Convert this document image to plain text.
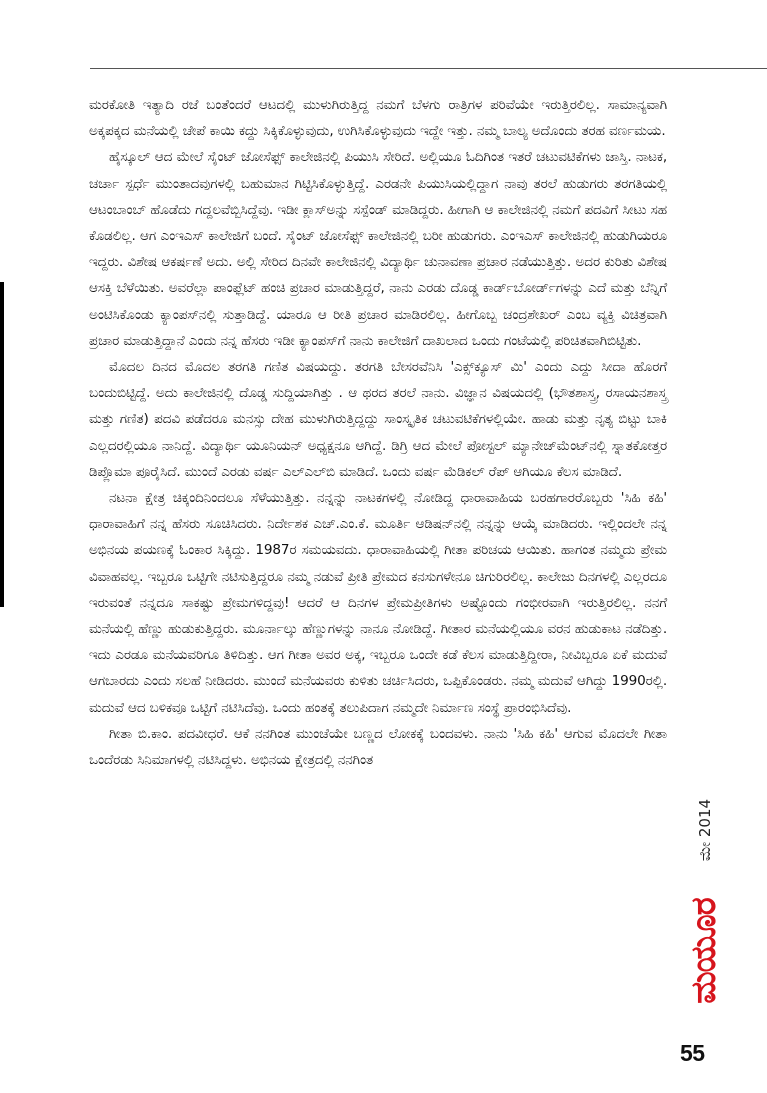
ಮರಕೋತಿ ಇತ್ಯಾದಿ ರಜೆ ಬಂತೆಂದರೆ ಆಟದಲ್ಲಿ ಮುಳುಗಿರುತ್ತಿದ್ದ ನಮಗೆ ಬೆಳಗು ರಾತ್ರಿಗಳ ಪರಿವೆಯೇ ಇರುತ್ತಿರಲಿಲ್ಲ. ಸಾಮಾನ್ಯವಾಗಿ ಅಕ್ಕಪಕ್ಕದ ಮನೆಯಲ್ಲಿ ಚೇಪೆ ಕಾಯಿ ಕದ್ದು ಸಿಕ್ಕಿಕೊಳ್ಳುವುದು, ಉಗಿಸಿಕೊಳ್ಳುವುದು ಇದ್ದೇ ಇತ್ತು. ನಮ್ಮ ಬಾಲ್ಯ ಅದೊಂದು ತರಹ ವರ್ಣಮಯ.

ಹೈಸ್ಕೂಲ್ ಆದ ಮೇಲೆ ಸೈಂಟ್ ಜೋಸೆಫ್ಸ್ ಕಾಲೇಜಿನಲ್ಲಿ ಪಿಯುಸಿ ಸೇರಿದೆ. ಅಲ್ಲಿಯೂ ಓದಿಗಿಂತ ಇತರೆ ಚಟುವಟಿಕೆಗಳು ಜಾಸ್ತಿ. ನಾಟಕ, ಚರ್ಚಾ ಸ್ಪರ್ಧೆ ಮುಂತಾದವುಗಳಲ್ಲಿ ಬಹುಮಾನ ಗಿಟ್ಟಿಸಿಕೊಳ್ಳುತ್ತಿದ್ದೆ. ಎರಡನೇ ಪಿಯುಸಿಯಲ್ಲಿದ್ದಾಗ ನಾವು ತರಲೆ ಹುಡುಗರು ತರಗತಿಯಲ್ಲಿ ಆಟಂಬಾಂಬ್ ಹೊಡೆದು ಗದ್ದಲವೆಬ್ಬಿಸಿದ್ದೆವು. ಇಡೀ ಕ್ಲಾಸ್‌ಅನ್ನು ಸಸ್ಪೆಂಡ್ ಮಾಡಿದ್ದರು. ಹೀಗಾಗಿ ಆ ಕಾಲೇಜಿನಲ್ಲಿ ನಮಗೆ ಪದವಿಗೆ ಸೀಟು ಸಹ ಕೊಡಲಿಲ್ಲ. ಆಗ ಎಂಇಎಸ್ ಕಾಲೇಜಿಗೆ ಬಂದೆ. ಸೈಂಟ್ ಜೋಸೆಫ್ಸ್ ಕಾಲೇಜಿನಲ್ಲಿ ಬರೀ ಹುಡುಗರು. ಎಂಇಎಸ್ ಕಾಲೇಜಿನಲ್ಲಿ ಹುಡುಗಿಯರೂ ಇದ್ದರು. ವಿಶೇಷ ಆಕರ್ಷಣೆ ಅದು. ಅಲ್ಲಿ ಸೇರಿದ ದಿನವೇ ಕಾಲೇಜಿನಲ್ಲಿ ವಿದ್ಯಾರ್ಥಿ ಚುನಾವಣಾ ಪ್ರಚಾರ ನಡೆಯುತ್ತಿತ್ತು. ಅದರ ಕುರಿತು ವಿಶೇಷ ಆಸಕ್ತಿ ಬೆಳೆಯಿತು. ಅವರೆಲ್ಲಾ ಪಾಂಫ್ಲೆಟ್ ಹಂಚಿ ಪ್ರಚಾರ ಮಾಡುತ್ತಿದ್ದರೆ, ನಾನು ಎರಡು ದೊಡ್ಡ ಕಾರ್ಡ್‌ಬೋರ್ಡ್‌ಗಳನ್ನು ಎದೆ ಮತ್ತು ಬೆನ್ನಿಗೆ ಅಂಟಿಸಿಕೊಂಡು ಕ್ಯಾಂಪಸ್‌ನಲ್ಲಿ ಸುತ್ತಾಡಿದ್ದೆ. ಯಾರೂ ಆ ರೀತಿ ಪ್ರಚಾರ ಮಾಡಿರಲಿಲ್ಲ. ಹೀಗೊಬ್ಬ ಚಂದ್ರಶೇಖರ್ ಎಂಬ ವ್ಯಕ್ತಿ ವಿಚಿತ್ರವಾಗಿ ಪ್ರಚಾರ ಮಾಡುತ್ತಿದ್ದಾನೆ ಎಂದು ನನ್ನ ಹೆಸರು ಇಡೀ ಕ್ಯಾಂಪಸ್‌ಗೆ ನಾನು ಕಾಲೇಜಿಗೆ ದಾಖಲಾದ ಒಂದು ಗಂಟೆಯಲ್ಲಿ ಪರಿಚಿತವಾಗಿಬಿಟ್ಟಿತು.

ಮೊದಲ ದಿನದ ಮೊದಲ ತರಗತಿ ಗಣಿತ ವಿಷಯದ್ದು. ತರಗತಿ ಬೇಸರವೆನಿಸಿ 'ಎಕ್ಸ್‌ಕ್ಯೂಸ್ ಮಿ' ಎಂದು ಎದ್ದು ಸೀದಾ ಹೊರಗೆ ಬಂದುಬಿಟ್ಟಿದ್ದೆ. ಅದು ಕಾಲೇಜಿನಲ್ಲಿ ದೊಡ್ಡ ಸುದ್ದಿಯಾಗಿತ್ತು . ಆ ಥರದ ತರಲೆ ನಾನು. ವಿಜ್ಞಾನ ವಿಷಯದಲ್ಲಿ (ಭೌತಶಾಸ್ತ್ರ, ರಸಾಯನಶಾಸ್ತ್ರ ಮತ್ತು ಗಣಿತ) ಪದವಿ ಪಡೆದರೂ ಮನಸ್ಸು ದೇಹ ಮುಳುಗಿರುತ್ತಿದ್ದದ್ದು ಸಾಂಸ್ಕೃತಿಕ ಚಟುವಟಿಕೆಗಳಲ್ಲಿಯೇ. ಹಾಡು ಮತ್ತು ನೃತ್ಯ ಬಿಟ್ಟು ಬಾಕಿ ಎಲ್ಲದರಲ್ಲಿಯೂ ನಾನಿದ್ದೆ. ವಿದ್ಯಾರ್ಥಿ ಯೂನಿಯನ್ ಅಧ್ಯಕ್ಷನೂ ಆಗಿದ್ದೆ. ಡಿಗ್ರಿ ಆದ ಮೇಲೆ ಪೋಸ್ಟಲ್ ಮ್ಯಾನೇಜ್‌ಮೆಂಟ್‌ನಲ್ಲಿ ಸ್ನಾತಕೋತ್ತರ ಡಿಪ್ಲೊಮಾ ಪೂರೈಸಿದೆ. ಮುಂದೆ ಎರಡು ವರ್ಷ ಎಲ್‌ಎಲ್‌ಬಿ ಮಾಡಿದೆ. ಒಂದು ವರ್ಷ ಮೆಡಿಕಲ್ ರೆಪ್ ಆಗಿಯೂ ಕೆಲಸ ಮಾಡಿದೆ.

ನಟನಾ ಕ್ಷೇತ್ರ ಚಿಕ್ಕಂದಿನಿಂದಲೂ ಸೆಳೆಯುತ್ತಿತ್ತು. ನನ್ನನ್ನು ನಾಟಕಗಳಲ್ಲಿ ನೋಡಿದ್ದ ಧಾರಾವಾಹಿಯ ಬರಹಗಾರರೊಬ್ಬರು 'ಸಿಹಿ ಕಹಿ' ಧಾರಾವಾಹಿಗೆ ನನ್ನ ಹೆಸರು ಸೂಚಿಸಿದರು. ನಿರ್ದೇಶಕ ಎಚ್.ಎಂ.ಕೆ. ಮೂರ್ತಿ ಆಡಿಷನ್‌ನಲ್ಲಿ ನನ್ನನ್ನು ಆಯ್ಕೆ ಮಾಡಿದರು. ಇಲ್ಲಿಂದಲೇ ನನ್ನ ಅಭಿನಯ ಪಯಣಕ್ಕೆ ಓಂಕಾರ ಸಿಕ್ಕಿದ್ದು. 1987ರ ಸಮಯವದು. ಧಾರಾವಾಹಿಯಲ್ಲಿ ಗೀತಾ ಪರಿಚಯ ಆಯಿತು. ಹಾಗಂತ ನಮ್ಮದು ಪ್ರೇಮ ವಿವಾಹವಲ್ಲ. ಇಬ್ಬರೂ ಒಟ್ಟಿಗೇ ನಟಿಸುತ್ತಿದ್ದರೂ ನಮ್ಮ ನಡುವೆ ಪ್ರೀತಿ ಪ್ರೇಮದ ಕನಸುಗಳೇನೂ ಚಿಗುರಿರಲಿಲ್ಲ. ಕಾಲೇಜು ದಿನಗಳಲ್ಲಿ ಎಲ್ಲರದೂ ಇರುವಂತೆ ನನ್ನದೂ ಸಾಕಷ್ಟು ಪ್ರೇಮಗಳಿದ್ದವು! ಆದರೆ ಆ ದಿನಗಳ ಪ್ರೇಮಪ್ರೀತಿಗಳು ಅಷ್ಟೊಂದು ಗಂಭೀರವಾಗಿ ಇರುತ್ತಿರಲಿಲ್ಲ. ನನಗೆ ಮನೆಯಲ್ಲಿ ಹೆಣ್ಣು ಹುಡುಕುತ್ತಿದ್ದರು. ಮೂರ್ನಾಲ್ಕು ಹೆಣ್ಣುಗಳನ್ನು ನಾನೂ ನೋಡಿದ್ದೆ. ಗೀತಾರ ಮನೆಯಲ್ಲಿಯೂ ವರನ ಹುಡುಕಾಟ ನಡೆದಿತ್ತು. ಇದು ಎರಡೂ ಮನೆಯವರಿಗೂ ತಿಳಿದಿತ್ತು. ಆಗ ಗೀತಾ ಅವರ ಅಕ್ಕ, ಇಬ್ಬರೂ ಒಂದೇ ಕಡೆ ಕೆಲಸ ಮಾಡುತ್ತಿದ್ದೀರಾ, ನೀವಿಬ್ಬರೂ ಏಕೆ ಮದುವೆ ಆಗಬಾರದು ಎಂದು ಸಲಹೆ ನೀಡಿದರು. ಮುಂದೆ ಮನೆಯವರು ಕುಳಿತು ಚರ್ಚಿಸಿದರು, ಒಪ್ಪಿಕೊಂಡರು. ನಮ್ಮ ಮದುವೆ ಆಗಿದ್ದು 1990ರಲ್ಲಿ. ಮದುವೆ ಆದ ಬಳಿಕವೂ ಒಟ್ಟಿಗೆ ನಟಿಸಿದೆವು. ಒಂದು ಹಂತಕ್ಕೆ ತಲುಪಿದಾಗ ನಮ್ಮದೇ ನಿರ್ಮಾಣ ಸಂಸ್ಥೆ ಪ್ರಾರಂಭಿಸಿದೆವು.

ಗೀತಾ ಬಿ.ಕಾಂ. ಪದವೀಧರೆ. ಆಕೆ ನನಗಿಂತ ಮುಂಚೆಯೇ ಬಣ್ಣದ ಲೋಕಕ್ಕೆ ಬಂದವಳು. ನಾನು 'ಸಿಹಿ ಕಹಿ' ಆಗುವ ಮೊದಲೇ ಗೀತಾ ಒಂದೆರಡು ಸಿನಿಮಾಗಳಲ್ಲಿ ನಟಿಸಿದ್ದಳು. ಅಭಿನಯ ಕ್ಷೇತ್ರದಲ್ಲಿ ನನಗಿಂತ

ಮೇ 2014
ಮಯೂರ
55
